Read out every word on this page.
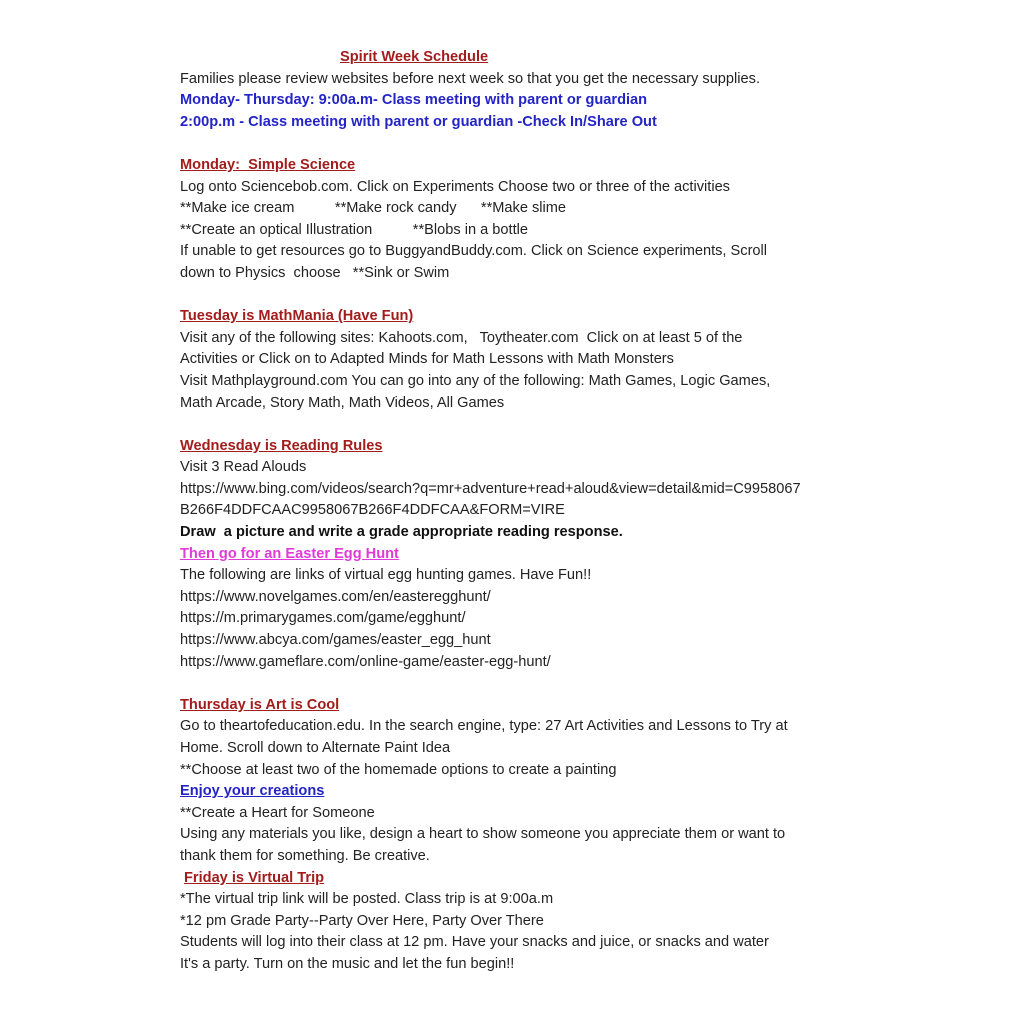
Spirit Week Schedule

Families please review websites before next week so that you get the necessary supplies.

Monday- Thursday: 9:00a.m- Class meeting with parent or guardian

2:00p.m - Class meeting with parent or guardian -Check In/Share Out

Monday:  Simple Science

Log onto Sciencebob.com. Click on Experiments Choose two or three of the activities

**Make ice cream          **Make rock candy      **Make slime

**Create an optical Illustration          **Blobs in a bottle

If unable to get resources go to BuggyandBuddy.com. Click on Science experiments, Scroll

down to Physics  choose   **Sink or Swim

Tuesday is MathMania (Have Fun)

Visit any of the following sites: Kahoots.com,   Toytheater.com  Click on at least 5 of the

Activities or Click on to Adapted Minds for Math Lessons with Math Monsters

Visit Mathplayground.com You can go into any of the following: Math Games, Logic Games,

Math Arcade, Story Math, Math Videos, All Games

Wednesday is Reading Rules

Visit 3 Read Alouds

https://www.bing.com/videos/search?q=mr+adventure+read+aloud&view=detail&mid=C9958067

B266F4DDFCAAC9958067B266F4DDFCAA&FORM=VIRE

Draw  a picture and write a grade appropriate reading response.

Then go for an Easter Egg Hunt

The following are links of virtual egg hunting games. Have Fun!!

https://www.novelgames.com/en/easteregghunt/

https://m.primarygames.com/game/egghunt/

https://www.abcya.com/games/easter_egg_hunt

https://www.gameflare.com/online-game/easter-egg-hunt/

Thursday is Art is Cool

Go to theartofeducation.edu. In the search engine, type: 27 Art Activities and Lessons to Try at

Home. Scroll down to Alternate Paint Idea

**Choose at least two of the homemade options to create a painting

Enjoy your creations

**Create a Heart for Someone

Using any materials you like, design a heart to show someone you appreciate them or want to

thank them for something. Be creative.

Friday is Virtual Trip

*The virtual trip link will be posted. Class trip is at 9:00a.m

*12 pm Grade Party--Party Over Here, Party Over There

Students will log into their class at 12 pm. Have your snacks and juice, or snacks and water

It's a party. Turn on the music and let the fun begin!!
